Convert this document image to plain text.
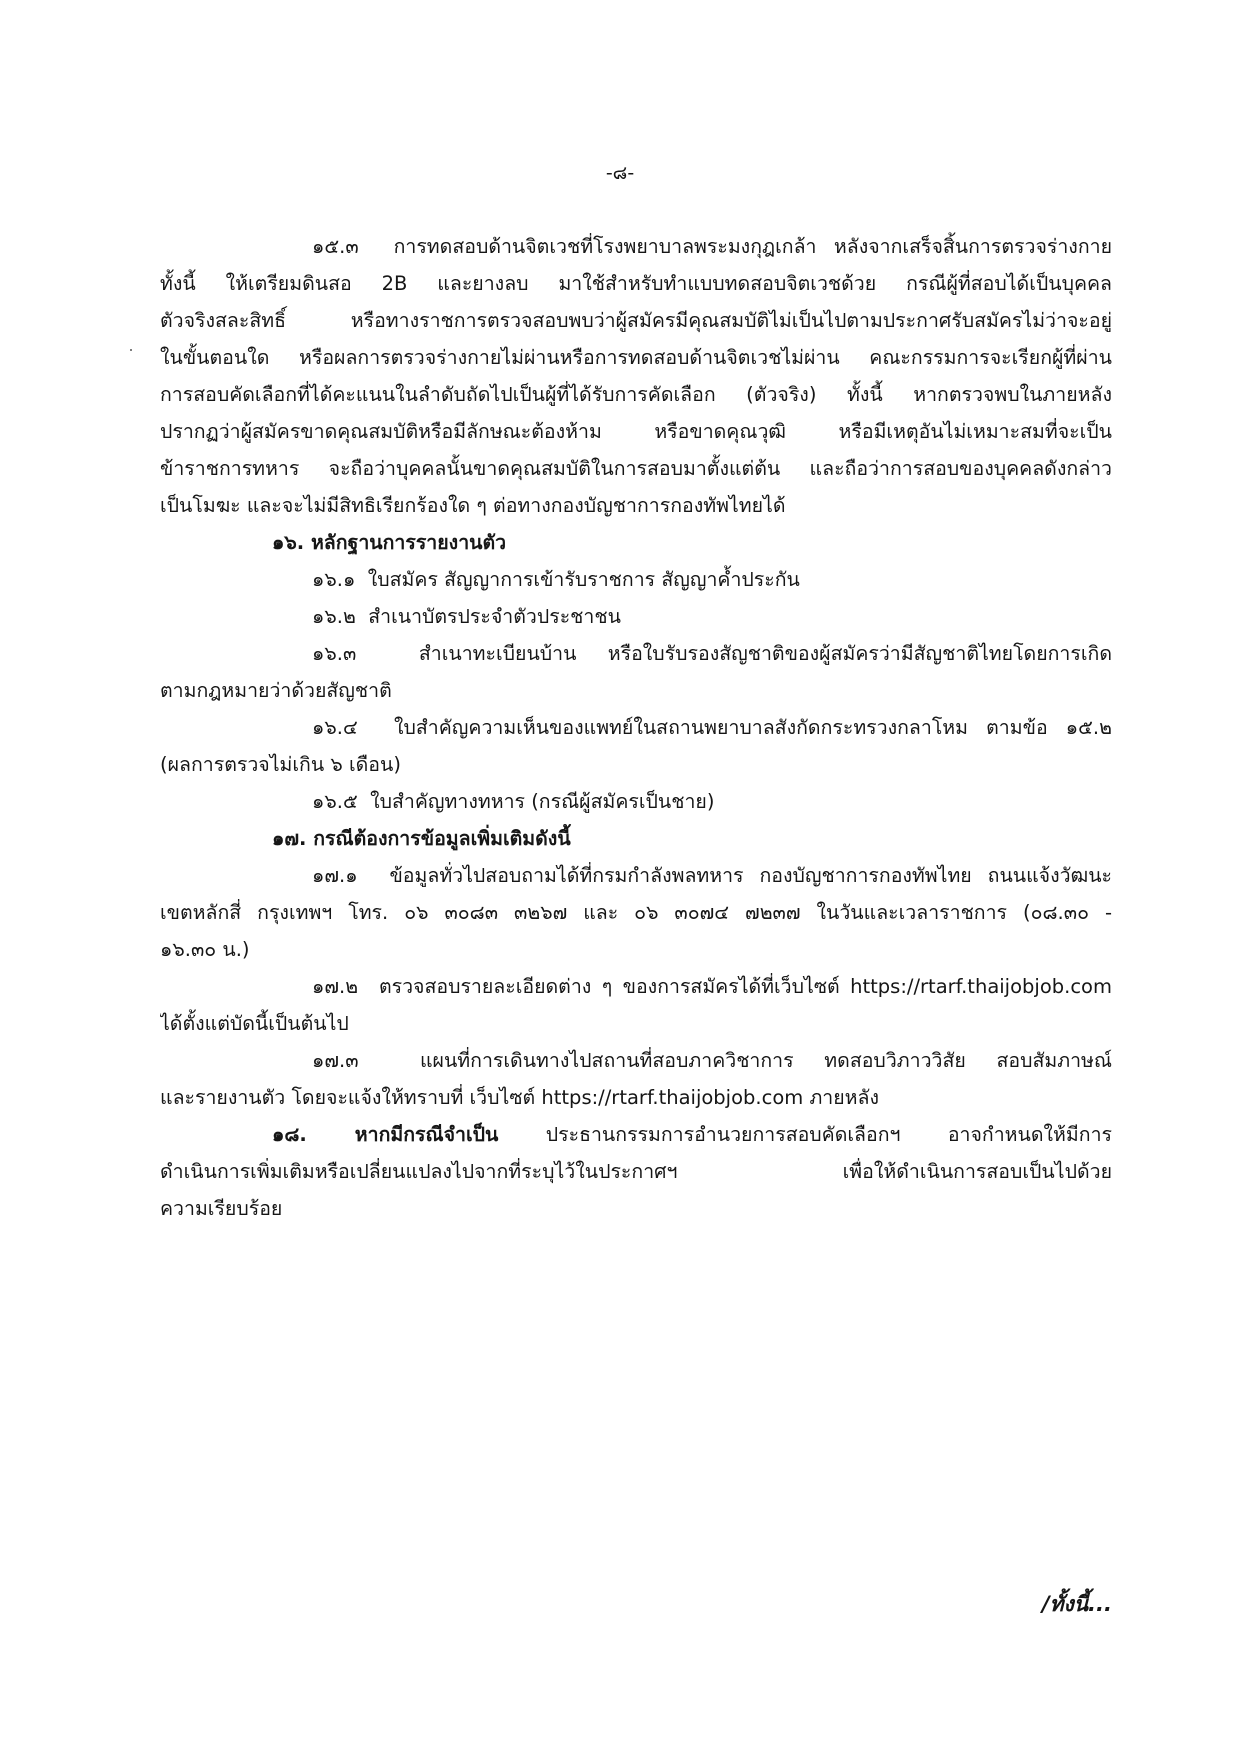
-๘-
๑๕.๓ การทดสอบด้านจิตเวชที่โรงพยาบาลพระมงกุฎเกล้า หลังจากเสร็จสิ้นการตรวจร่างกาย
ทั้งนี้ ให้เตรียมดินสอ 2B และยางลบ มาใช้สำหรับทำแบบทดสอบจิตเวชด้วย กรณีผู้ที่สอบได้เป็นบุคคล
ตัวจริงสละสิทธิ์ หรือทางราชการตรวจสอบพบว่าผู้สมัครมีคุณสมบัติไม่เป็นไปตามประกาศรับสมัครไม่ว่าจะอยู่
ในขั้นตอนใด หรือผลการตรวจร่างกายไม่ผ่านหรือการทดสอบด้านจิตเวชไม่ผ่าน คณะกรรมการจะเรียกผู้ที่ผ่าน
การสอบคัดเลือกที่ได้คะแนนในลำดับถัดไปเป็นผู้ที่ได้รับการคัดเลือก (ตัวจริง) ทั้งนี้ หากตรวจพบในภายหลัง
ปรากฏว่าผู้สมัครขาดคุณสมบัติหรือมีลักษณะต้องห้าม หรือขาดคุณวุฒิ หรือมีเหตุอันไม่เหมาะสมที่จะเป็น
ข้าราชการทหาร จะถือว่าบุคคลนั้นขาดคุณสมบัติในการสอบมาตั้งแต่ต้น และถือว่าการสอบของบุคคลดังกล่าว
เป็นโมฆะ และจะไม่มีสิทธิเรียกร้องใด ๆ ต่อทางกองบัญชาการกองทัพไทยได้
๑๖. หลักฐานการรายงานตัว
๑๖.๑ ใบสมัคร สัญญาการเข้ารับราชการ สัญญาค้ำประกัน
๑๖.๒ สำเนาบัตรประจำตัวประชาชน
๑๖.๓	สำเนาทะเบียนบ้าน หรือใบรับรองสัญชาติของผู้สมัครว่ามีสัญชาติไทยโดยการเกิด
ตามกฎหมายว่าด้วยสัญชาติ
๑๖.๔ ใบสำคัญความเห็นของแพทย์ในสถานพยาบาลสังกัดกระทรวงกลาโหม ตามข้อ ๑๕.๒
(ผลการตรวจไม่เกิน ๖ เดือน)
๑๖.๕ ใบสำคัญทางทหาร (กรณีผู้สมัครเป็นชาย)
๑๗. กรณีต้องการข้อมูลเพิ่มเติมดังนี้
๑๗.๑ ข้อมูลทั่วไปสอบถามได้ที่กรมกำลังพลทหาร กองบัญชาการกองทัพไทย ถนนแจ้งวัฒนะ
เขตหลักสี่ กรุงเทพฯ โทร. ๐๖ ๓๐๘๓ ๓๒๖๗ และ ๐๖ ๓๐๗๔ ๗๒๓๗ ในวันและเวลาราชการ (๐๘.๓๐ -
๑๖.๓๐ น.)
๑๗.๒ ตรวจสอบรายละเอียดต่าง ๆ ของการสมัครได้ที่เว็บไซต์ https://rtarf.thaijobjob.com
ได้ตั้งแต่บัดนี้เป็นต้นไป
๑๗.๓	แผนที่การเดินทางไปสถานที่สอบภาควิชาการ ทดสอบวิภาววิสัย สอบสัมภาษณ์
และรายงานตัว โดยจะแจ้งให้ทราบที่ เว็บไซต์ https://rtarf.thaijobjob.com ภายหลัง
๑๘. หากมีกรณีจำเป็น ประธานกรรมการอำนวยการสอบคัดเลือกฯ อาจกำหนดให้มีการ
ดำเนินการเพิ่มเติมหรือเปลี่ยนแปลงไปจากที่ระบุไว้ในประกาศฯ เพื่อให้ดำเนินการสอบเป็นไปด้วย
ความเรียบร้อย
/ทั้งนี้...
